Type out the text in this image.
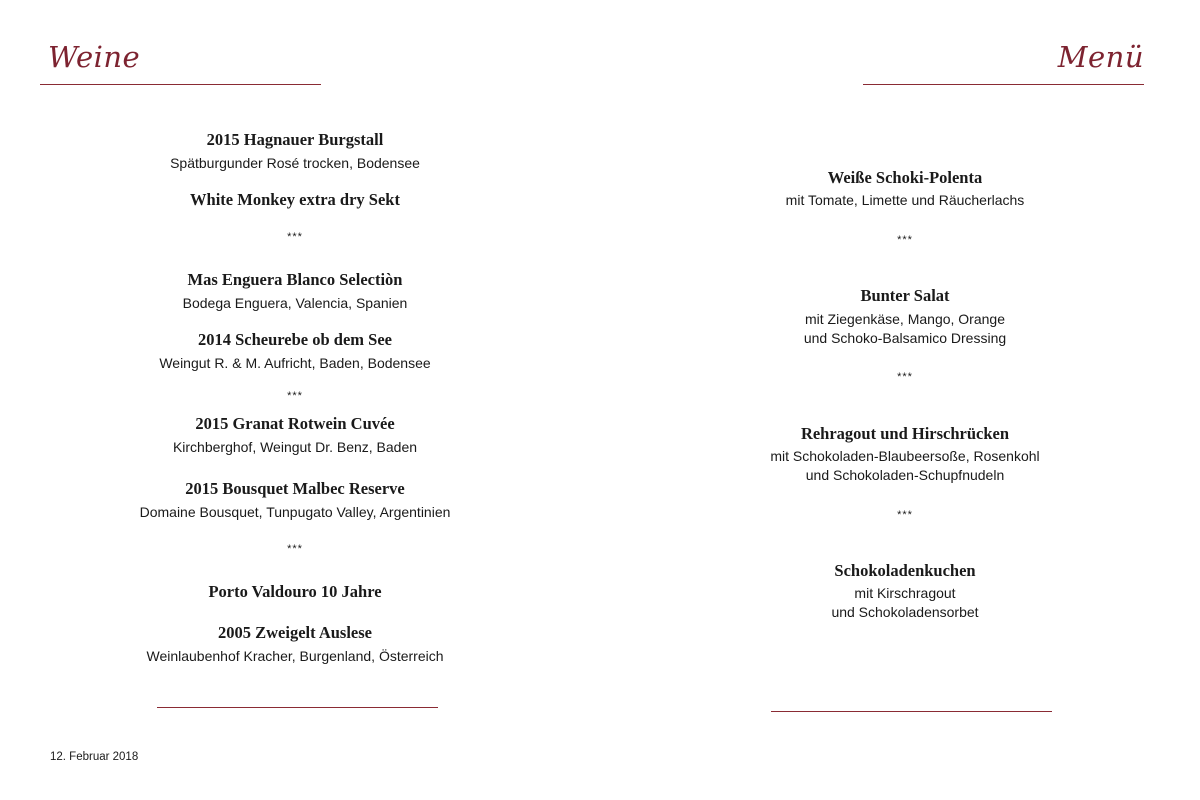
Weine	Menü
2015 Hagnauer Burgstall
Spätburgunder Rosé trocken, Bodensee
White Monkey extra dry Sekt
***
Mas Enguera Blanco Selectiòn
Bodega Enguera, Valencia, Spanien
2014 Scheurebe ob dem See
Weingut R. & M. Aufricht, Baden, Bodensee
***
2015 Granat Rotwein Cuvée
Kirchberghof, Weingut Dr. Benz, Baden
2015 Bousquet Malbec Reserve
Domaine Bousquet, Tunpugato Valley, Argentinien
***
Porto Valdouro 10 Jahre
2005 Zweigelt Auslese
Weinlaubenhof Kracher, Burgenland, Österreich
Weiße Schoki-Polenta
mit Tomate, Limette und Räucherlachs
***
Bunter Salat
mit Ziegenkäse, Mango, Orange
und Schoko-Balsamico Dressing
***
Rehragout und Hirschrücken
mit Schokoladen-Blaubeersoße, Rosenkohl
und Schokoladen-Schupfnudeln
***
Schokoladenkuchen
mit Kirschragout
und Schokoladensorbet
12. Februar 2018
